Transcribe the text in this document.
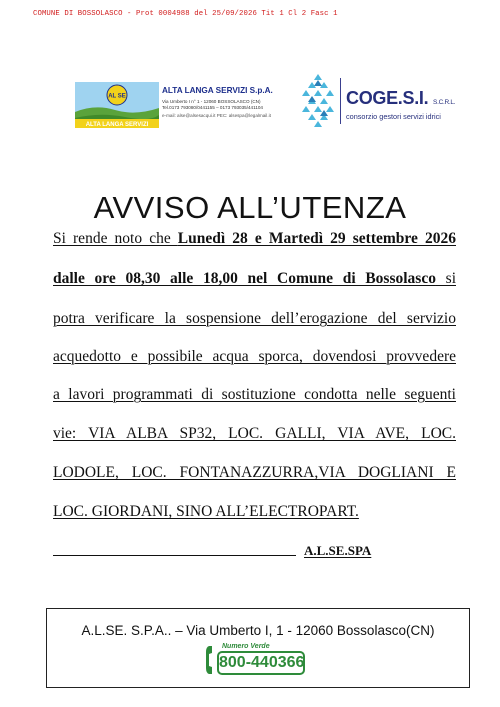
COMUNE DI BOSSOLASCO - Prot 0004988 del 25/09/2026 Tit 1 Cl 2 Fasc 1
AL SE
ALTA LANGA SERVIZI
ALTA LANGA SERVIZI S.p.A.
Via Umberto I n° 1 - 12060 BOSSOLASCO (CN)
Tel.0173 793080/0441155 – 0173 793035/441104
e-mail: alse@alsesacqui.it PEC: alsespa@legalmail.it
COGE.S.I. S.C.R.L.
consorzio gestori servizi idrici
AVVISO ALL’UTENZA
Si rende noto che Lunedì 28 e Martedì 29 settembre 2026
dalle ore 08,30 alle 18,00 nel Comune di Bossolasco si
potra verificare la sospensione dell’erogazione del servizio
acquedotto e possibile acqua sporca, dovendosi provvedere
a lavori programmati di sostituzione condotta nelle seguenti
vie: VIA ALBA SP32, LOC. GALLI, VIA AVE, LOC.
LODOLE, LOC. FONTANAZZURRA,VIA DOGLIANI E
LOC. GIORDANI, SINO ALL’ELECTROPART.
A.L.SE.SPA
A.L.SE. S.P.A.. – Via Umberto I, 1 - 12060 Bossolasco(CN)
Numero Verde
800-440366
